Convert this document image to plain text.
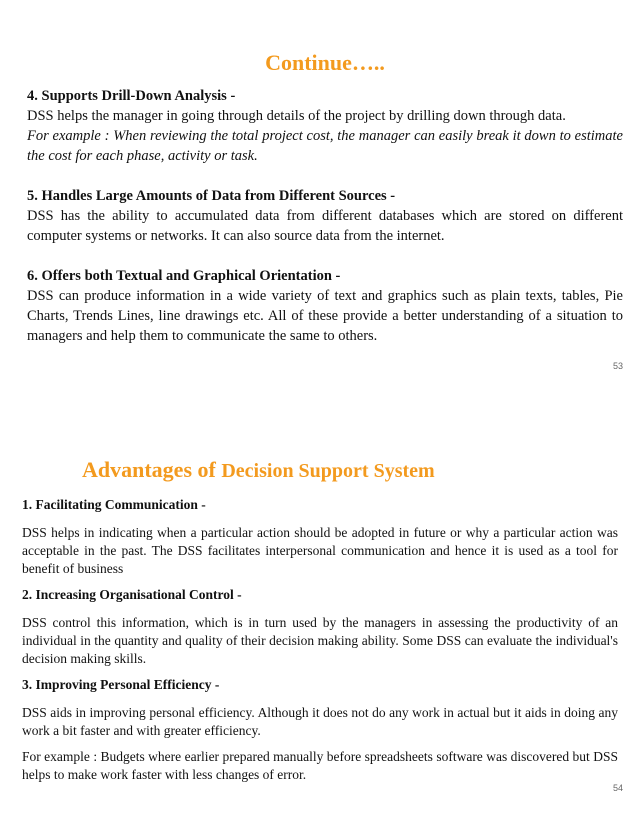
Continue…..

4. Supports Drill-Down Analysis -

DSS helps the manager in going through details of the project by drilling down through data.

For example : When reviewing the total project cost, the manager can easily break it down to estimate the cost for each phase, activity or task.

5. Handles Large Amounts of Data from Different Sources -

DSS has the ability to accumulated data from different databases which are stored on different computer systems or networks. It can also source data from the internet.

6. Offers both Textual and Graphical Orientation -

DSS can produce information in a wide variety of text and graphics such as plain texts, tables, Pie Charts, Trends Lines, line drawings etc. All of these provide a better understanding of a situation to managers and help them to communicate the same to others.

53
Advantages of Decision Support System

1. Facilitating Communication -

DSS helps in indicating when a particular action should be adopted in future or why a particular action was acceptable in the past. The DSS facilitates interpersonal communication and hence it is used as a tool for benefit of business

2. Increasing Organisational Control -

DSS control this information, which is in turn used by the managers in assessing the productivity of an individual in the quantity and quality of their decision making ability. Some DSS can evaluate the individual's decision making skills.

3. Improving Personal Efficiency -

DSS aids in improving personal efficiency. Although it does not do any work in actual but it aids in doing any work a bit faster and with greater efficiency.

For example : Budgets where earlier prepared manually before spreadsheets software was discovered but DSS helps to make work faster with less changes of error.

54
